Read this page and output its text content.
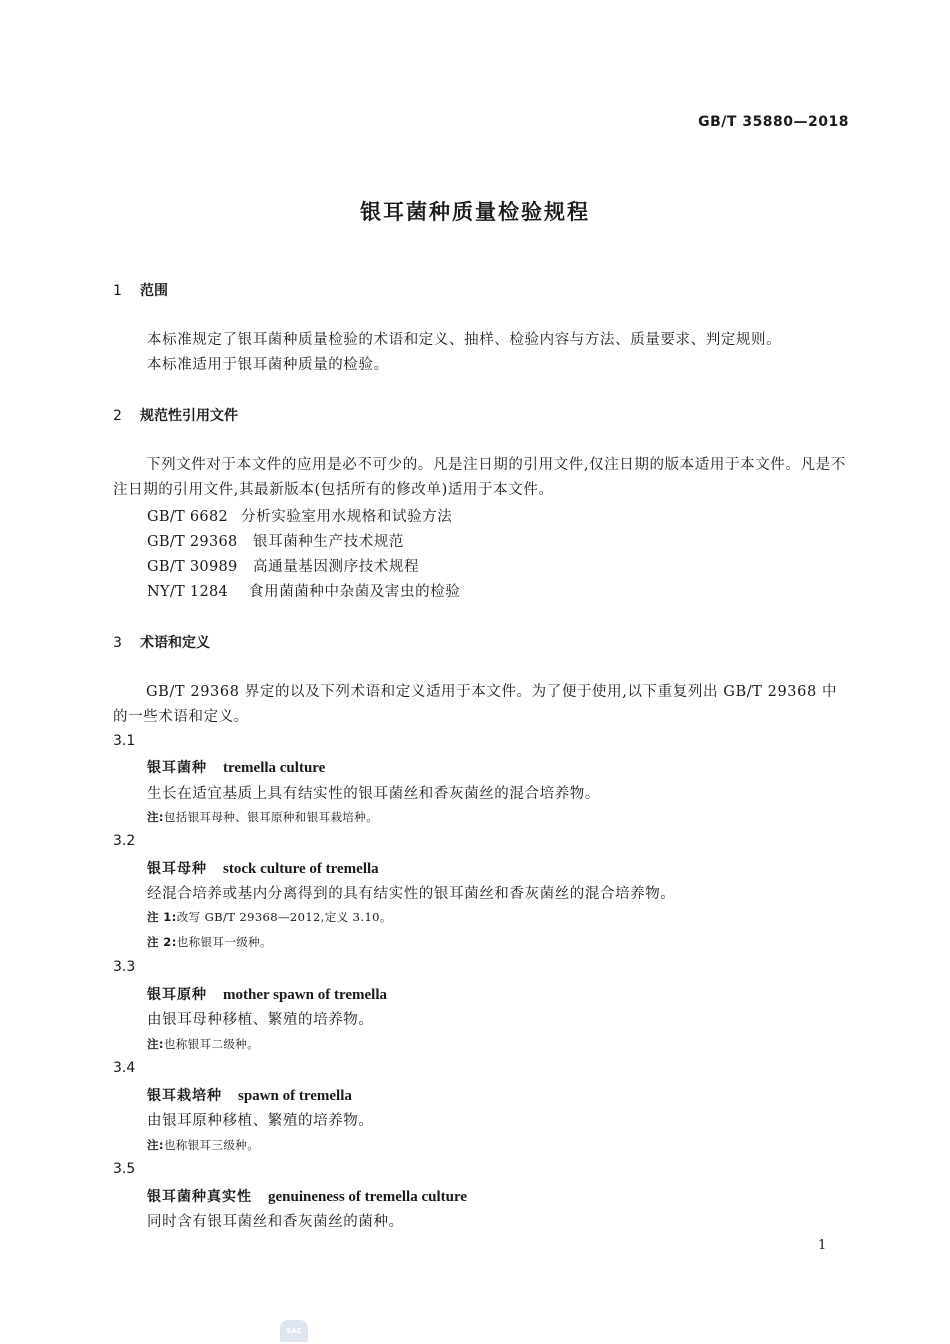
GB/T 35880—2018
银耳菌种质量检验规程
1 范围
本标准规定了银耳菌种质量检验的术语和定义、抽样、检验内容与方法、质量要求、判定规则。
本标准适用于银耳菌种质量的检验。
2 规范性引用文件
下列文件对于本文件的应用是必不可少的。凡是注日期的引用文件,仅注日期的版本适用于本文件。凡是不注日期的引用文件,其最新版本(包括所有的修改单)适用于本文件。
GB/T 6682 分析实验室用水规格和试验方法
GB/T 29368 银耳菌种生产技术规范
GB/T 30989 高通量基因测序技术规程
NY/T 1284 食用菌菌种中杂菌及害虫的检验
3 术语和定义
GB/T 29368 界定的以及下列术语和定义适用于本文件。为了便于使用,以下重复列出 GB/T 29368 中的一些术语和定义。
3.1
银耳菌种 tremella culture
生长在适宜基质上具有结实性的银耳菌丝和香灰菌丝的混合培养物。
注:包括银耳母种、银耳原种和银耳栽培种。
3.2
银耳母种 stock culture of tremella
经混合培养或基内分离得到的具有结实性的银耳菌丝和香灰菌丝的混合培养物。
注 1:改写 GB/T 29368—2012,定义 3.10。
注 2:也称银耳一级种。
3.3
银耳原种 mother spawn of tremella
由银耳母种移植、繁殖的培养物。
注:也称银耳二级种。
3.4
银耳栽培种 spawn of tremella
由银耳原种移植、繁殖的培养物。
注:也称银耳三级种。
3.5
银耳菌种真实性 genuineness of tremella culture
同时含有银耳菌丝和香灰菌丝的菌种。
1
SAC
